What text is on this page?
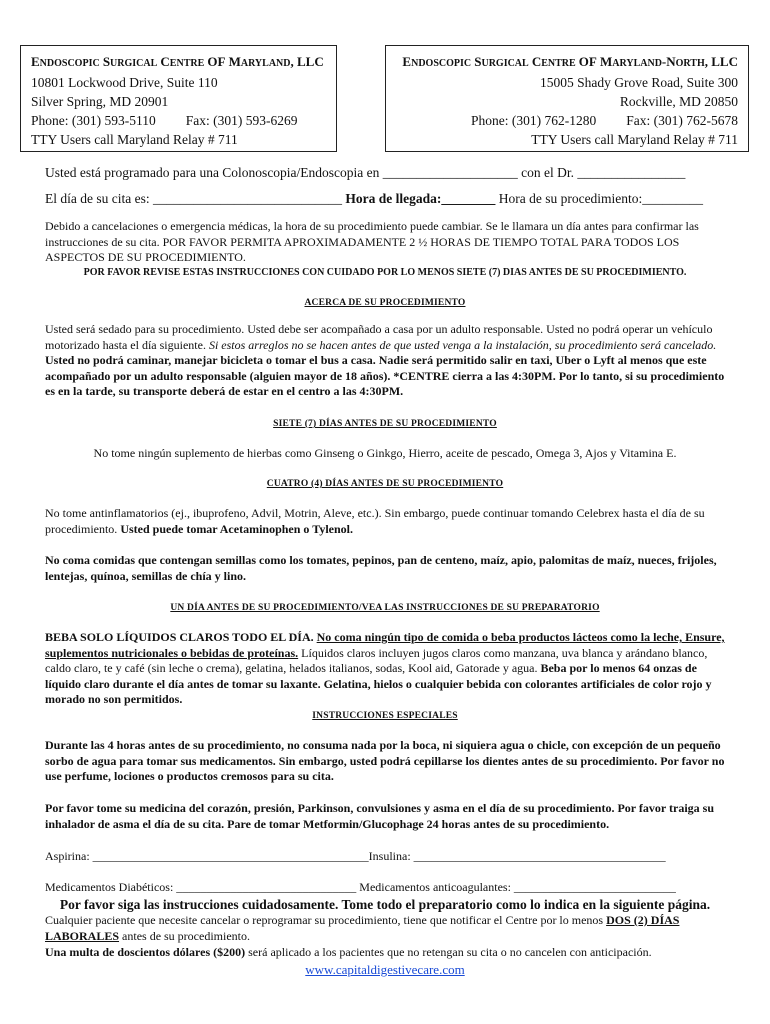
ENDOSCOPIC SURGICAL CENTRE OF MARYLAND, LLC
10801 Lockwood Drive, Suite 110
Silver Spring, MD 20901
Phone: (301) 593-5110 Fax: (301) 593-6269
TTY Users call Maryland Relay # 711
ENDOSCOPIC SURGICAL CENTRE OF MARYLAND-NORTH, LLC
15005 Shady Grove Road, Suite 300
Rockville, MD 20850
Phone: (301) 762-1280 Fax: (301) 762-5678
TTY Users call Maryland Relay # 711
Usted está programado para una Colonoscopia/Endoscopia en ____________________ con el Dr. ________________
El día de su cita es: ____________________________ Hora de llegada:________ Hora de su procedimiento:_________
Debido a cancelaciones o emergencia médicas, la hora de su procedimiento puede cambiar. Se le llamara un día antes para confirmar las instrucciones de su cita. POR FAVOR PERMITA APROXIMADAMENTE 2 ½ HORAS DE TIEMPO TOTAL PARA TODOS LOS ASPECTOS DE SU PROCEDIMIENTO.
POR FAVOR REVISE ESTAS INSTRUCCIONES CON CUIDADO POR LO MENOS SIETE (7) DIAS ANTES DE SU PROCEDIMIENTO.
ACERCA DE SU PROCEDIMIENTO
Usted será sedado para su procedimiento. Usted debe ser acompañado a casa por un adulto responsable. Usted no podrá operar un vehículo motorizado hasta el día siguiente. Si estos arreglos no se hacen antes de que usted venga a la instalación, su procedimiento será cancelado. Usted no podrá caminar, manejar bicicleta o tomar el bus a casa. Nadie será permitido salir en taxi, Uber o Lyft al menos que este acompañado por un adulto responsable (alguien mayor de 18 años). *CENTRE cierra a las 4:30PM. Por lo tanto, si su procedimiento es en la tarde, su transporte deberá de estar en el centro a las 4:30PM.
SIETE (7) DÍAS ANTES DE SU PROCEDIMIENTO
No tome ningún suplemento de hierbas como Ginseng o Ginkgo, Hierro, aceite de pescado, Omega 3, Ajos y Vitamina E.
CUATRO (4) DÍAS ANTES DE SU PROCEDIMIENTO
No tome antinflamatorios (ej., ibuprofeno, Advil, Motrin, Aleve, etc.). Sin embargo, puede continuar tomando Celebrex hasta el día de su procedimiento. Usted puede tomar Acetaminophen o Tylenol.
No coma comidas que contengan semillas como los tomates, pepinos, pan de centeno, maíz, apio, palomitas de maíz, nueces, frijoles, lentejas, quínoa, semillas de chía y lino.
UN DÍA ANTES DE SU PROCEDIMIENTO/VEA LAS INSTRUCCIONES DE SU PREPARATORIO
BEBA SOLO LÍQUIDOS CLAROS TODO EL DÍA. No coma ningún tipo de comida o beba productos lácteos como la leche, Ensure, suplementos nutricionales o bebidas de proteínas. Líquidos claros incluyen jugos claros como manzana, uva blanca y arándano blanco, caldo claro, te y café (sin leche o crema), gelatina, helados italianos, sodas, Kool aid, Gatorade y agua. Beba por lo menos 64 onzas de líquido claro durante el día antes de tomar su laxante. Gelatina, hielos o cualquier bebida con colorantes artificiales de color rojo y morado no son permitidos.
INSTRUCCIONES ESPECIALES
Durante las 4 horas antes de su procedimiento, no consuma nada por la boca, ni siquiera agua o chicle, con excepción de un pequeño sorbo de agua para tomar sus medicamentos. Sin embargo, usted podrá cepillarse los dientes antes de su procedimiento. Por favor no use perfume, lociones o productos cremosos para su cita.
Por favor tome su medicina del corazón, presión, Parkinson, convulsiones y asma en el día de su procedimiento. Por favor traiga su inhalador de asma el día de su cita. Pare de tomar Metformin/Glucophage 24 horas antes de su procedimiento.
Aspirina: ______________________________________________Insulina: __________________________________________
Medicamentos Diabéticos: ______________________________ Medicamentos anticoagulantes: ___________________________
Por favor siga las instrucciones cuidadosamente. Tome todo el preparatorio como lo indica en la siguiente página.
Cualquier paciente que necesite cancelar o reprogramar su procedimiento, tiene que notificar el Centre por lo menos DOS (2) DÍAS LABORALES antes de su procedimiento.
Una multa de doscientos dólares ($200) será aplicado a los pacientes que no retengan su cita o no cancelen con anticipación.
www.capitaldigestivecare.com
